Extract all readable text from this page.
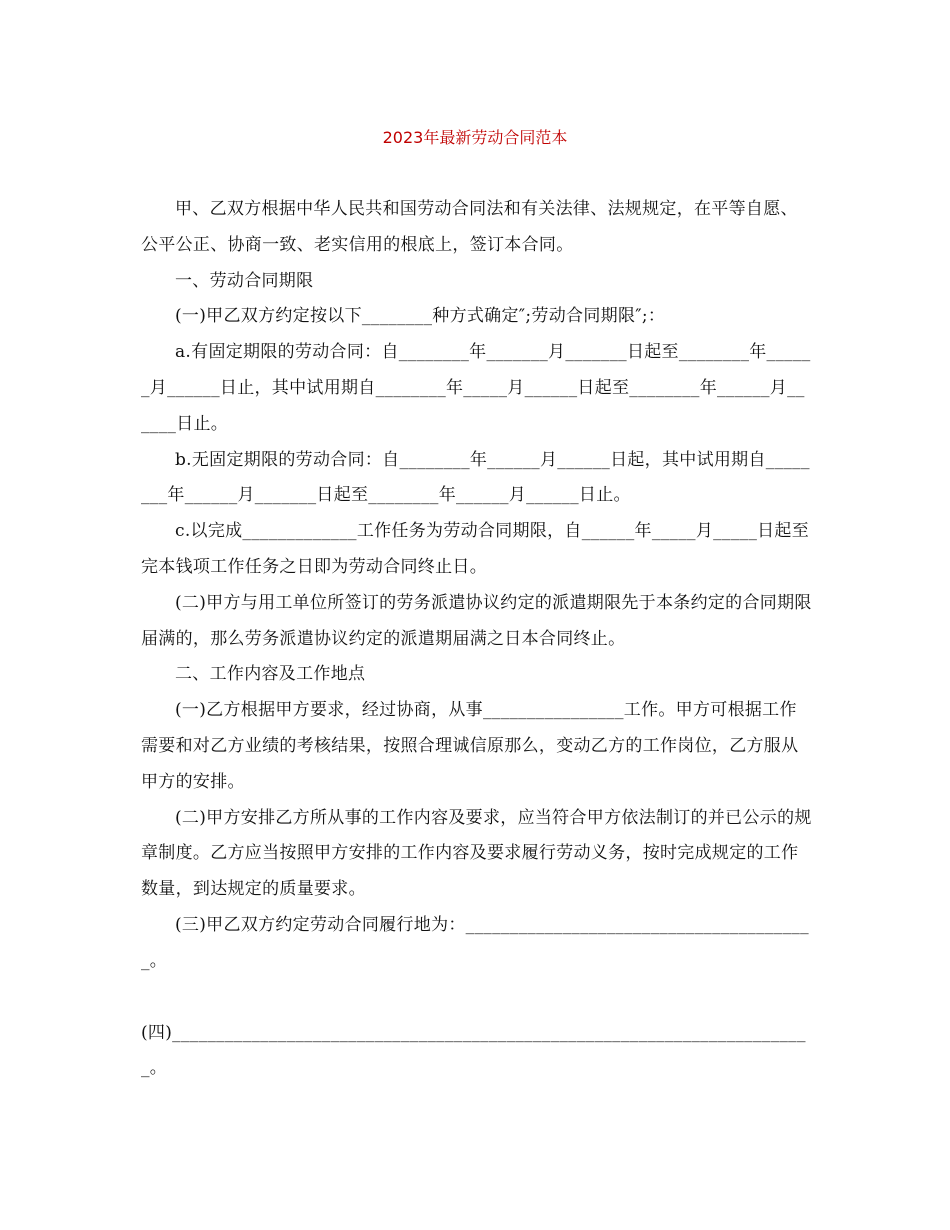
2023年最新劳动合同范本

甲、乙双方根据中华人民共和国劳动合同法和有关法律、法规规定，在平等自愿、公平公正、协商一致、老实信用的根底上，签订本合同。

一、劳动合同期限

(一)甲乙双方约定按以下________种方式确定″;劳动合同期限″;：

a.有固定期限的劳动合同：自________年_______月_______日起至________年______月______日止，其中试用期自________年_____月______日起至________年______月______日止。

b.无固定期限的劳动合同：自________年______月______日起，其中试用期自________年______月_______日起至________年______月______日止。

c.以完成_____________工作任务为劳动合同期限，自______年_____月_____日起至完本钱项工作任务之日即为劳动合同终止日。

(二)甲方与用工单位所签订的劳务派遣协议约定的派遣期限先于本条约定的合同期限届满的，那么劳务派遣协议约定的派遣期届满之日本合同终止。

二、工作内容及工作地点

(一)乙方根据甲方要求，经过协商，从事________________工作。甲方可根据工作需要和对乙方业绩的考核结果，按照合理诚信原那么，变动乙方的工作岗位，乙方服从甲方的安排。

(二)甲方安排乙方所从事的工作内容及要求，应当符合甲方依法制订的并已公示的规章制度。乙方应当按照甲方安排的工作内容及要求履行劳动义务，按时完成规定的工作数量，到达规定的质量要求。

(三)甲乙双方约定劳动合同履行地为：________________________________________。

(四)_________________________________________________________________________。
